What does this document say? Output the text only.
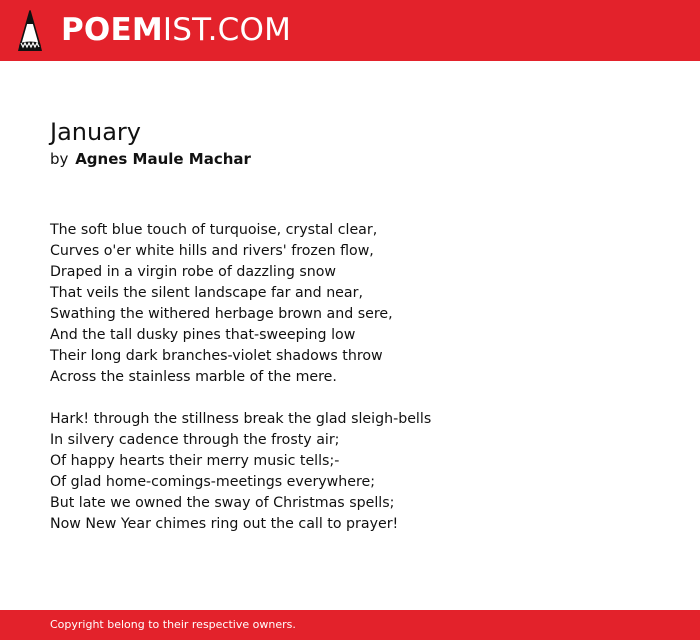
POEMIST.COM
January
by Agnes Maule Machar
The soft blue touch of turquoise, crystal clear,
Curves o'er white hills and rivers' frozen flow,
Draped in a virgin robe of dazzling snow
That veils the silent landscape far and near,
Swathing the withered herbage brown and sere,
And the tall dusky pines that-sweeping low
Their long dark branches-violet shadows throw
Across the stainless marble of the mere.
Hark! through the stillness break the glad sleigh-bells
In silvery cadence through the frosty air;
Of happy hearts their merry music tells;-
Of glad home-comings-meetings everywhere;
But late we owned the sway of Christmas spells;
Now New Year chimes ring out the call to prayer!
Copyright belong to their respective owners.
